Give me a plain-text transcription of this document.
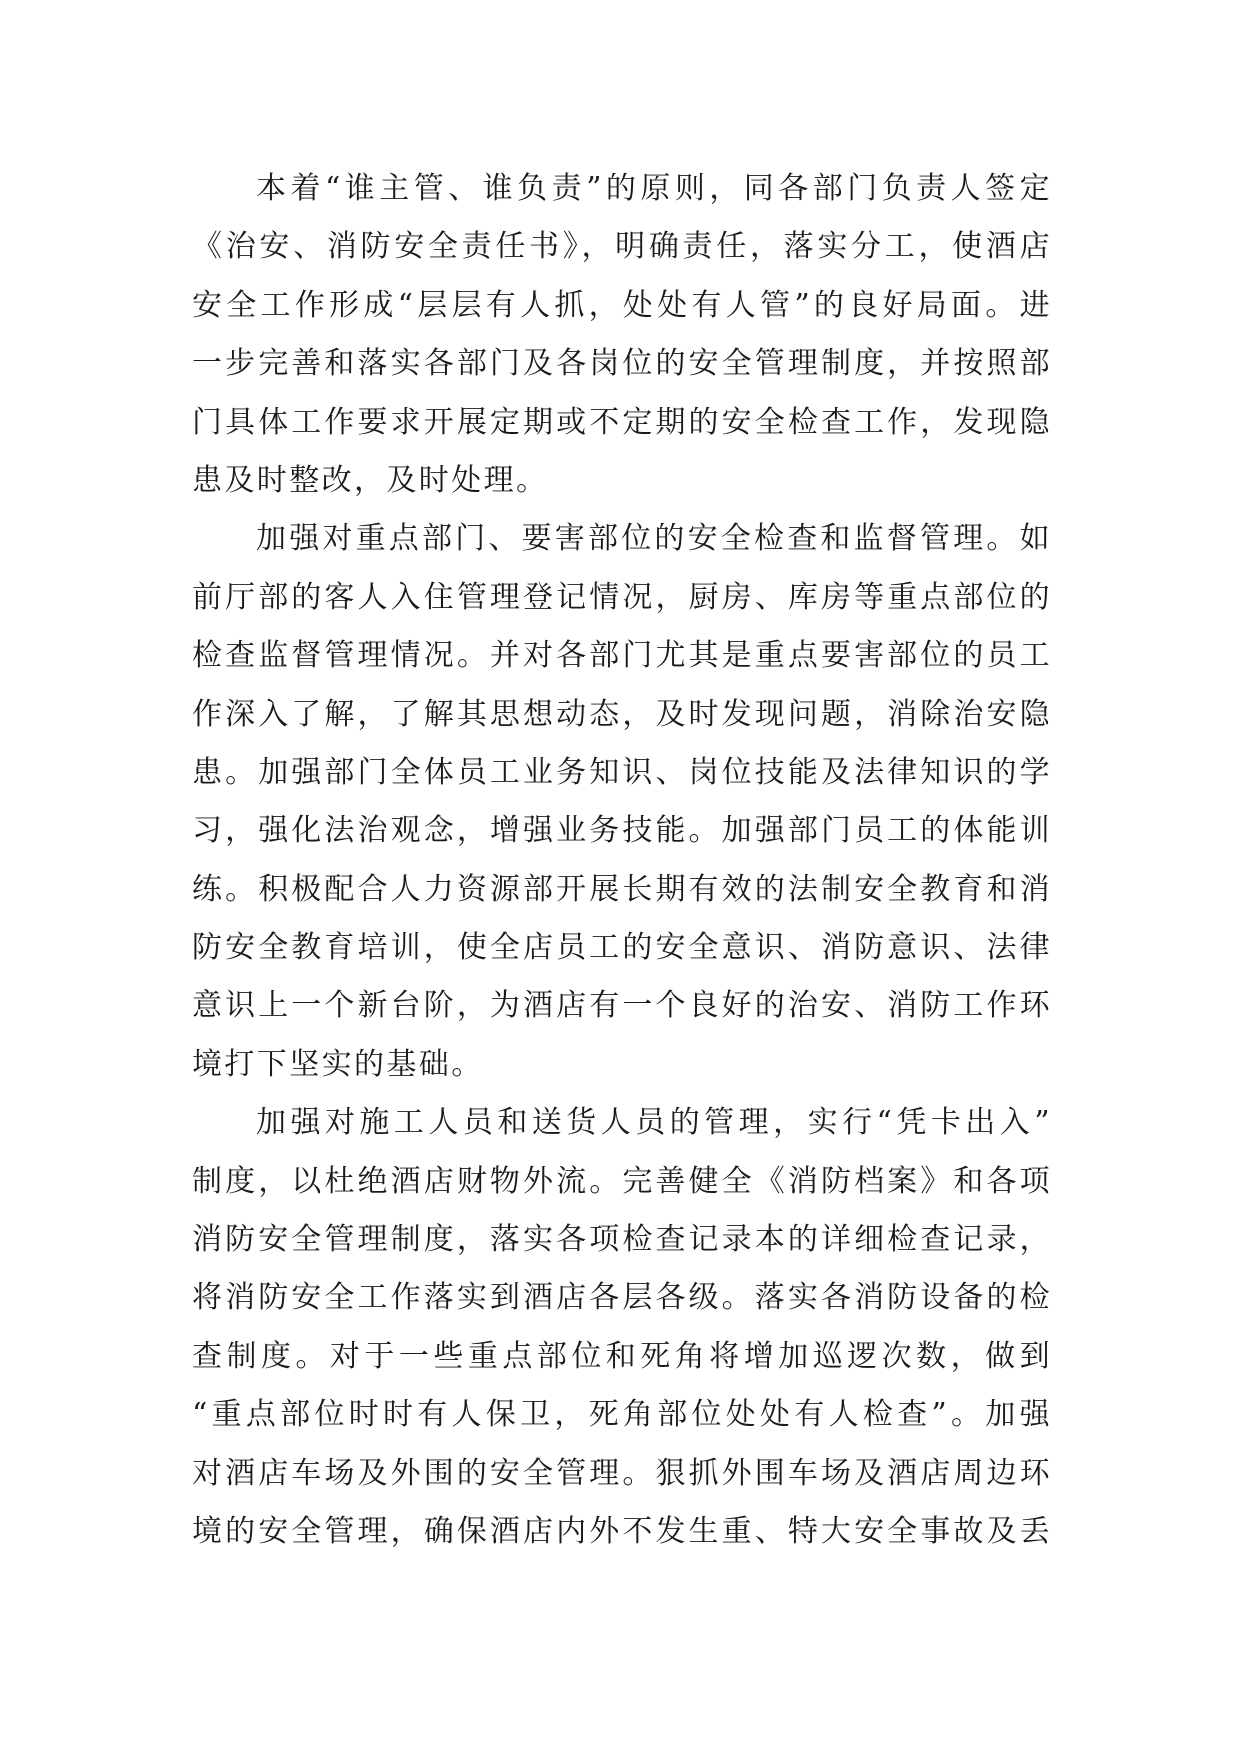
本着“谁主管、谁负责”的原则，同各部门负责人签定
《治安、消防安全责任书》，明确责任，落实分工，使酒店
安全工作形成“层层有人抓，处处有人管”的良好局面。进
一步完善和落实各部门及各岗位的安全管理制度，并按照部
门具体工作要求开展定期或不定期的安全检查工作，发现隐
患及时整改，及时处理。
加强对重点部门、要害部位的安全检查和监督管理。如
前厅部的客人入住管理登记情况，厨房、库房等重点部位的
检查监督管理情况。并对各部门尤其是重点要害部位的员工
作深入了解，了解其思想动态，及时发现问题，消除治安隐
患。加强部门全体员工业务知识、岗位技能及法律知识的学
习，强化法治观念，增强业务技能。加强部门员工的体能训
练。积极配合人力资源部开展长期有效的法制安全教育和消
防安全教育培训，使全店员工的安全意识、消防意识、法律
意识上一个新台阶，为酒店有一个良好的治安、消防工作环
境打下坚实的基础。
加强对施工人员和送货人员的管理，实行“凭卡出入”
制度，以杜绝酒店财物外流。完善健全《消防档案》和各项
消防安全管理制度，落实各项检查记录本的详细检查记录，
将消防安全工作落实到酒店各层各级。落实各消防设备的检
查制度。对于一些重点部位和死角将增加巡逻次数，做到
“重点部位时时有人保卫，死角部位处处有人检查”。加强
对酒店车场及外围的安全管理。狠抓外围车场及酒店周边环
境的安全管理，确保酒店内外不发生重、特大安全事故及丢
